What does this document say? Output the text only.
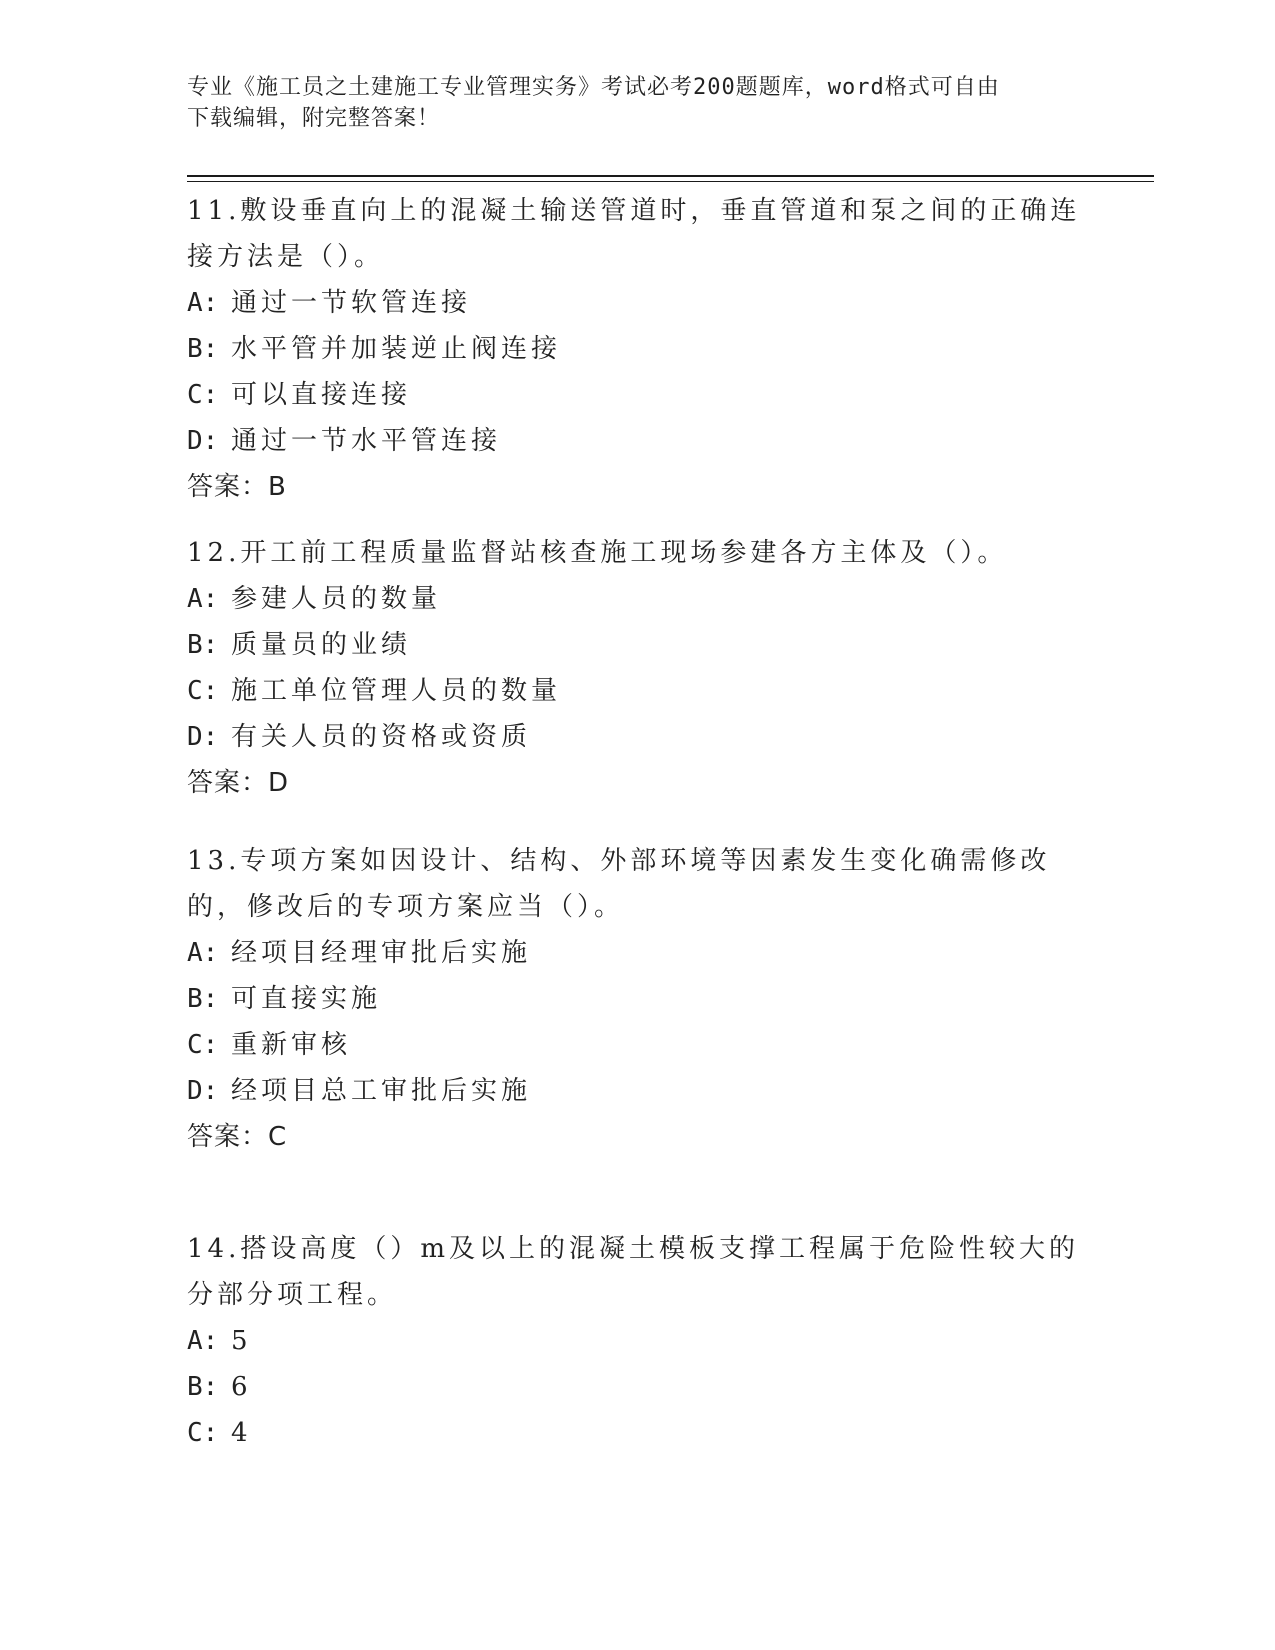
专业《施工员之土建施工专业管理实务》考试必考200题题库，word格式可自由
下载编辑，附完整答案！

11.敷设垂直向上的混凝土输送管道时，垂直管道和泵之间的正确连接方法是（）。

A: 通过一节软管连接
B: 水平管并加装逆止阀连接
C: 可以直接连接
D: 通过一节水平管连接
答案：B

12.开工前工程质量监督站核查施工现场参建各方主体及（）。

A: 参建人员的数量
B: 质量员的业绩
C: 施工单位管理人员的数量
D: 有关人员的资格或资质
答案：D

13.专项方案如因设计、结构、外部环境等因素发生变化确需修改的，修改后的专项方案应当（）。

A: 经项目经理审批后实施
B: 可直接实施
C: 重新审核
D: 经项目总工审批后实施
答案：C

14.搭设高度（）m及以上的混凝土模板支撑工程属于危险性较大的分部分项工程。

A: 5
B: 6
C: 4
